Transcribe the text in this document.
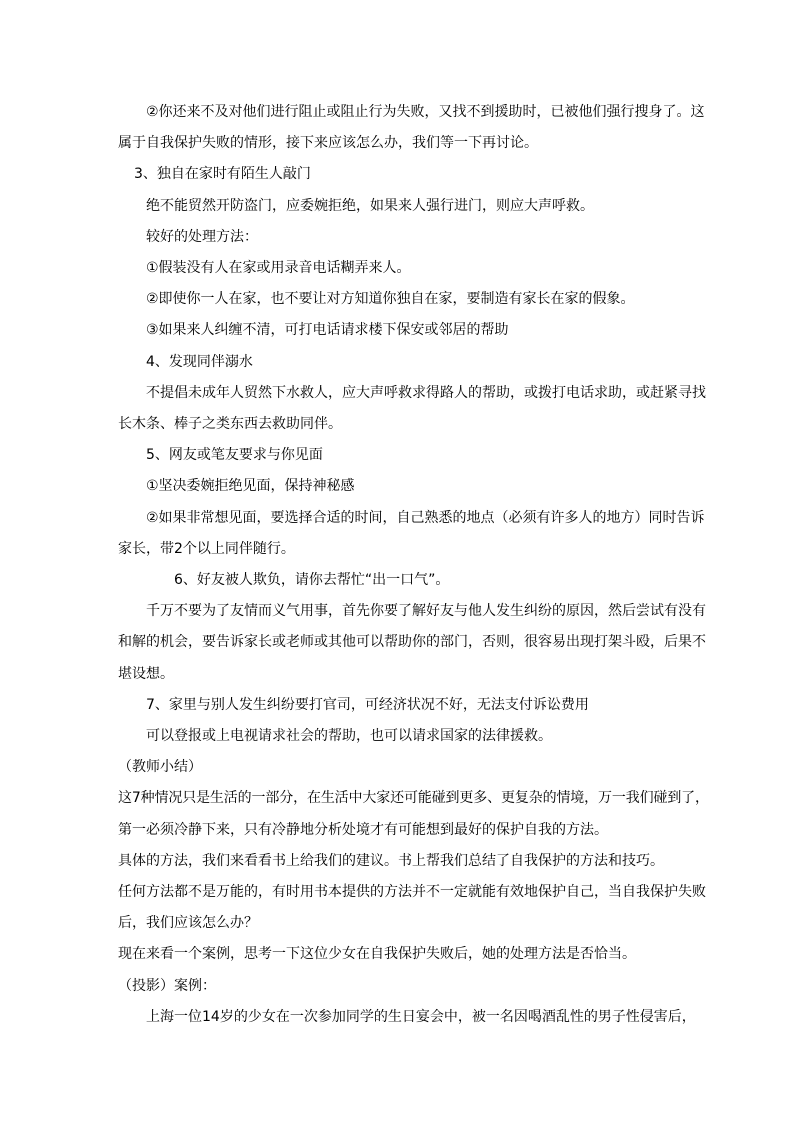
②你还来不及对他们进行阻止或阻止行为失败，又找不到援助时，已被他们强行搜身了。这
属于自我保护失败的情形，接下来应该怎么办，我们等一下再讨论。
3、独自在家时有陌生人敲门
绝不能贸然开防盗门，应委婉拒绝，如果来人强行进门，则应大声呼救。
较好的处理方法：
①假装没有人在家或用录音电话糊弄来人。
②即使你一人在家，也不要让对方知道你独自在家，要制造有家长在家的假象。
③如果来人纠缠不清，可打电话请求楼下保安或邻居的帮助
4、发现同伴溺水
不提倡未成年人贸然下水救人，应大声呼救求得路人的帮助，或拨打电话求助，或赶紧寻找
长木条、棒子之类东西去救助同伴。
5、网友或笔友要求与你见面
①坚决委婉拒绝见面，保持神秘感
②如果非常想见面，要选择合适的时间，自己熟悉的地点（必须有许多人的地方）同时告诉
家长，带2个以上同伴随行。
6、好友被人欺负，请你去帮忙“出一口气”。
千万不要为了友情而义气用事，首先你要了解好友与他人发生纠纷的原因，然后尝试有没有
和解的机会，要告诉家长或老师或其他可以帮助你的部门，否则，很容易出现打架斗殴，后果不
堪设想。
7、家里与别人发生纠纷要打官司，可经济状况不好，无法支付诉讼费用
可以登报或上电视请求社会的帮助，也可以请求国家的法律援救。
（教师小结）
这7种情况只是生活的一部分，在生活中大家还可能碰到更多、更复杂的情境，万一我们碰到了，
第一必须冷静下来，只有冷静地分析处境才有可能想到最好的保护自我的方法。
具体的方法，我们来看看书上给我们的建议。书上帮我们总结了自我保护的方法和技巧。
任何方法都不是万能的，有时用书本提供的方法并不一定就能有效地保护自己，当自我保护失败
后，我们应该怎么办？
现在来看一个案例，思考一下这位少女在自我保护失败后，她的处理方法是否恰当。
（投影）案例：
上海一位14岁的少女在一次参加同学的生日宴会中，被一名因喝酒乱性的男子性侵害后，
